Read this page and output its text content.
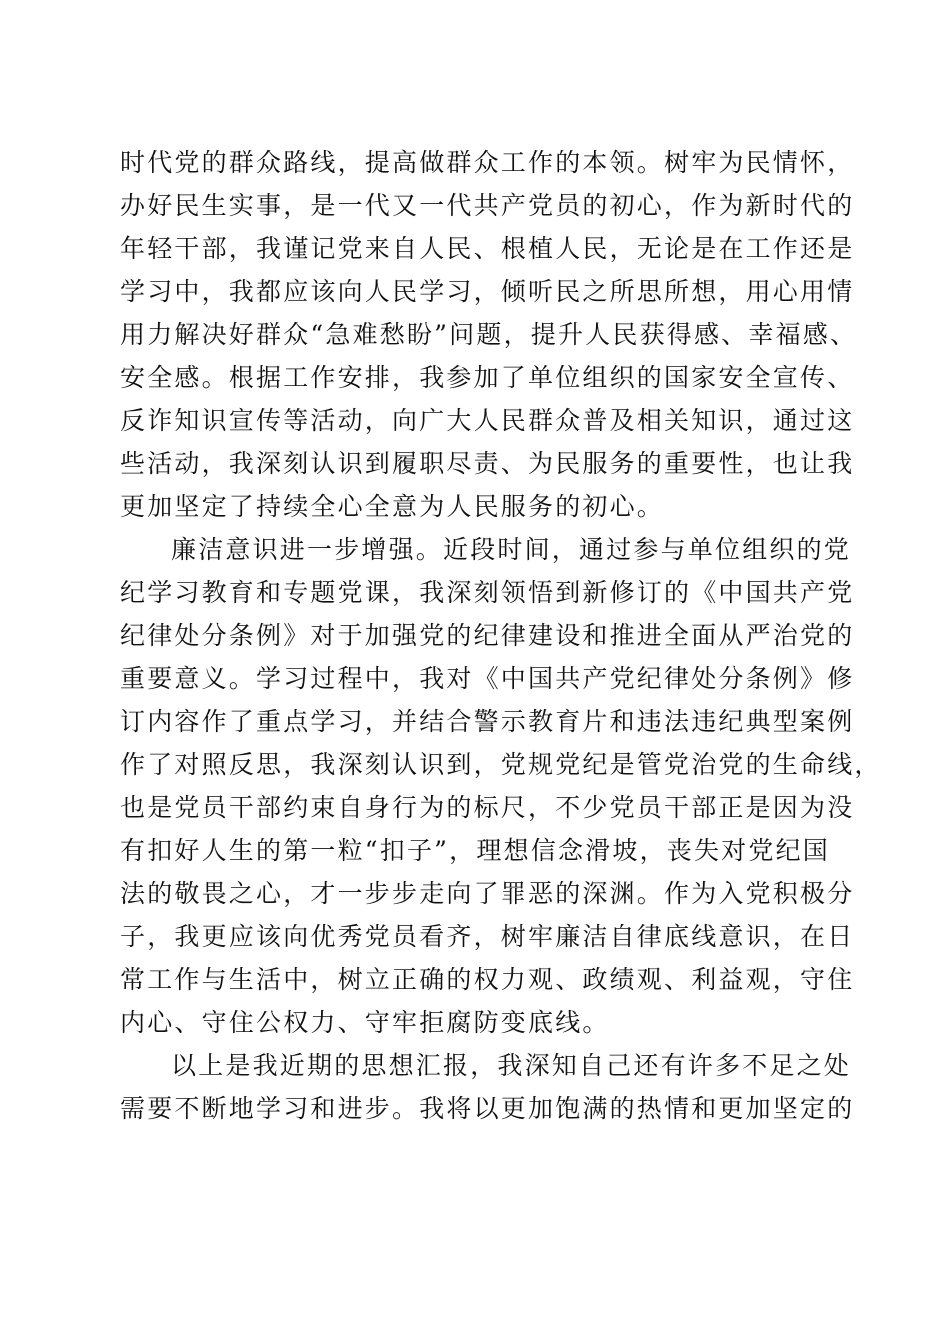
时代党的群众路线，提高做群众工作的本领。树牢为民情怀，
办好民生实事，是一代又一代共产党员的初心，作为新时代的
年轻干部，我谨记党来自人民、根植人民，无论是在工作还是
学习中，我都应该向人民学习，倾听民之所思所想，用心用情
用力解决好群众“急难愁盼”问题，提升人民获得感、幸福感、
安全感。根据工作安排，我参加了单位组织的国家安全宣传、
反诈知识宣传等活动，向广大人民群众普及相关知识，通过这
些活动，我深刻认识到履职尽责、为民服务的重要性，也让我
更加坚定了持续全心全意为人民服务的初心。
廉洁意识进一步增强。近段时间，通过参与单位组织的党
纪学习教育和专题党课，我深刻领悟到新修订的《中国共产党
纪律处分条例》对于加强党的纪律建设和推进全面从严治党的
重要意义。学习过程中，我对《中国共产党纪律处分条例》修
订内容作了重点学习，并结合警示教育片和违法违纪典型案例
作了对照反思，我深刻认识到，党规党纪是管党治党的生命线，
也是党员干部约束自身行为的标尺，不少党员干部正是因为没
有扣好人生的第一粒“扣子”，理想信念滑坡，丧失对党纪国
法的敬畏之心，才一步步走向了罪恶的深渊。作为入党积极分
子，我更应该向优秀党员看齐，树牢廉洁自律底线意识，在日
常工作与生活中，树立正确的权力观、政绩观、利益观，守住
内心、守住公权力、守牢拒腐防变底线。
以上是我近期的思想汇报，我深知自己还有许多不足之处
需要不断地学习和进步。我将以更加饱满的热情和更加坚定的
